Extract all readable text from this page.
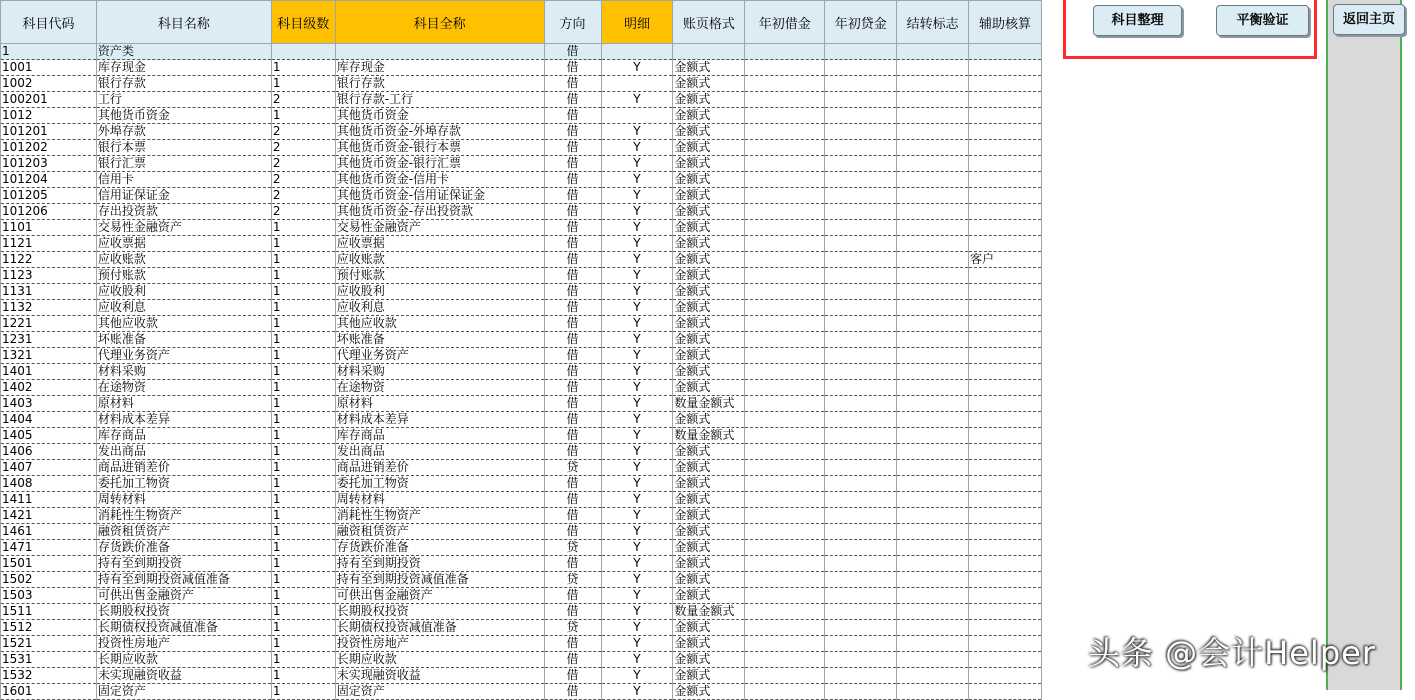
科目代码	科目名称	科目级数	科目全称	方向	明细	账页格式	年初借金	年初贷金	结转标志	辅助核算
1	资产类			借						
1001	库存现金	1	库存现金	借	Y	金额式				
1002	银行存款	1	银行存款	借		金额式				
100201	工行	2	银行存款-工行	借	Y	金额式				
1012	其他货币资金	1	其他货币资金	借		金额式				
101201	外埠存款	2	其他货币资金-外埠存款	借	Y	金额式				
101202	银行本票	2	其他货币资金-银行本票	借	Y	金额式				
101203	银行汇票	2	其他货币资金-银行汇票	借	Y	金额式				
101204	信用卡	2	其他货币资金-信用卡	借	Y	金额式				
101205	信用证保证金	2	其他货币资金-信用证保证金	借	Y	金额式				
101206	存出投资款	2	其他货币资金-存出投资款	借	Y	金额式				
1101	交易性金融资产	1	交易性金融资产	借	Y	金额式				
1121	应收票据	1	应收票据	借	Y	金额式				
1122	应收账款	1	应收账款	借	Y	金额式				客户
1123	预付账款	1	预付账款	借	Y	金额式				
1131	应收股利	1	应收股利	借	Y	金额式				
1132	应收利息	1	应收利息	借	Y	金额式				
1221	其他应收款	1	其他应收款	借	Y	金额式				
1231	坏账准备	1	坏账准备	借	Y	金额式				
1321	代理业务资产	1	代理业务资产	借	Y	金额式				
1401	材料采购	1	材料采购	借	Y	金额式				
1402	在途物资	1	在途物资	借	Y	金额式				
1403	原材料	1	原材料	借	Y	数量金额式				
1404	材料成本差异	1	材料成本差异	借	Y	金额式				
1405	库存商品	1	库存商品	借	Y	数量金额式				
1406	发出商品	1	发出商品	借	Y	金额式				
1407	商品进销差价	1	商品进销差价	贷	Y	金额式				
1408	委托加工物资	1	委托加工物资	借	Y	金额式				
1411	周转材料	1	周转材料	借	Y	金额式				
1421	消耗性生物资产	1	消耗性生物资产	借	Y	金额式				
1461	融资租赁资产	1	融资租赁资产	借	Y	金额式				
1471	存货跌价准备	1	存货跌价准备	贷	Y	金额式				
1501	持有至到期投资	1	持有至到期投资	借	Y	金额式				
1502	持有至到期投资减值准备	1	持有至到期投资减值准备	贷	Y	金额式				
1503	可供出售金融资产	1	可供出售金融资产	借	Y	金额式				
1511	长期股权投资	1	长期股权投资	借	Y	数量金额式				
1512	长期债权投资减值准备	1	长期债权投资减值准备	贷	Y	金额式				
1521	投资性房地产	1	投资性房地产	借	Y	金额式				
1531	长期应收款	1	长期应收款	借	Y	金额式				
1532	未实现融资收益	1	未实现融资收益	借	Y	金额式				
1601	固定资产	1	固定资产	借	Y	金额式				
科目整理	平衡验证	返回主页
头条 @会计Helper
